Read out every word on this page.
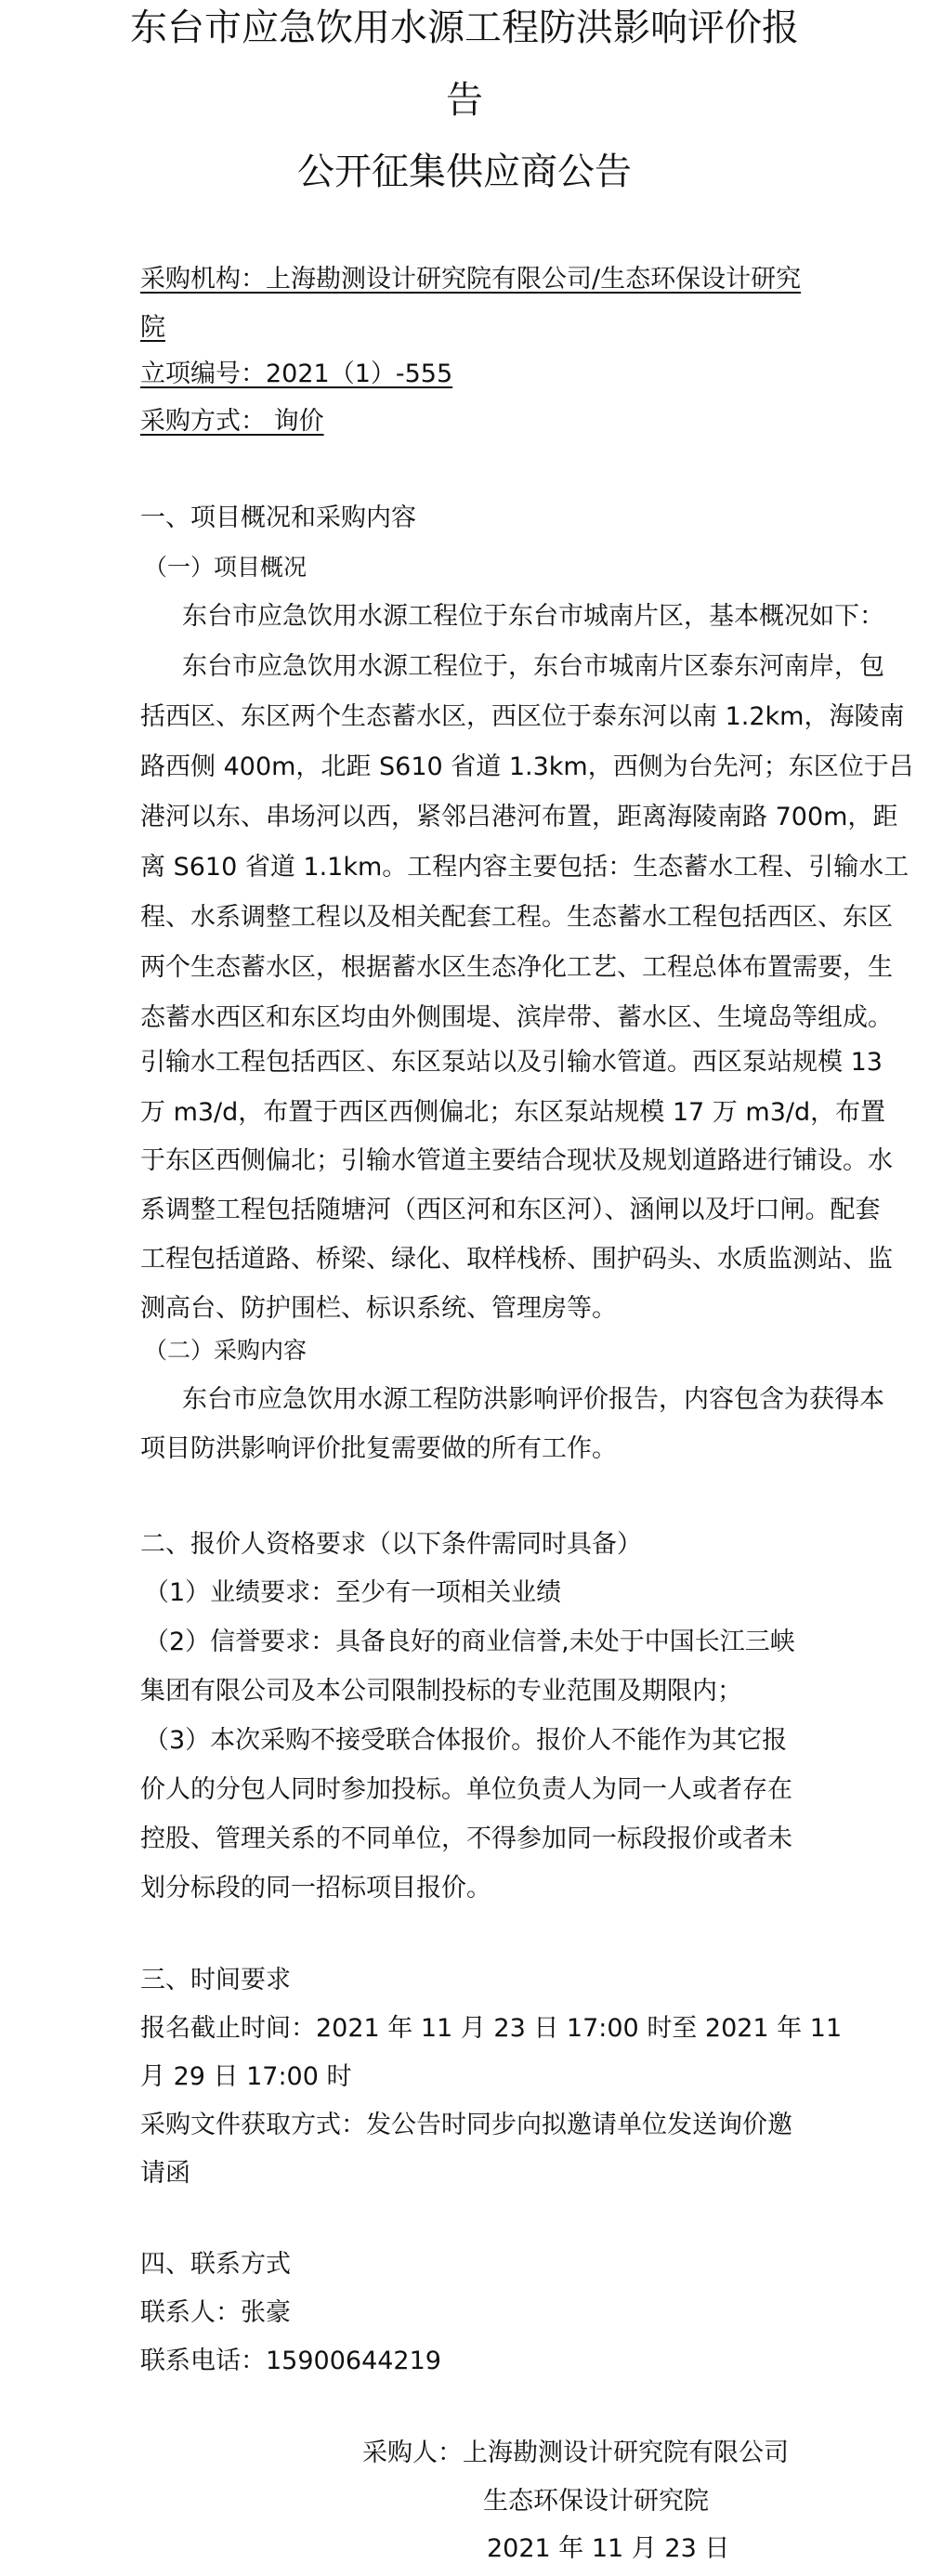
东台市应急饮用水源工程防洪影响评价报
告
公开征集供应商公告
采购机构：上海勘测设计研究院有限公司/生态环保设计研究
院
立项编号：2021（1）-555
采购方式： 询价
一、项目概况和采购内容
（一）项目概况
东台市应急饮用水源工程位于东台市城南片区，基本概况如下：
东台市应急饮用水源工程位于，东台市城南片区泰东河南岸，包
括西区、东区两个生态蓄水区，西区位于泰东河以南 1.2km，海陵南
路西侧 400m，北距 S610 省道 1.3km，西侧为台先河；东区位于吕
港河以东、串场河以西，紧邻吕港河布置，距离海陵南路 700m，距
离 S610 省道 1.1km。工程内容主要包括：生态蓄水工程、引输水工
程、水系调整工程以及相关配套工程。生态蓄水工程包括西区、东区
两个生态蓄水区，根据蓄水区生态净化工艺、工程总体布置需要，生
态蓄水西区和东区均由外侧围堤、滨岸带、蓄水区、生境岛等组成。
引输水工程包括西区、东区泵站以及引输水管道。西区泵站规模 13
万 m3/d，布置于西区西侧偏北；东区泵站规模 17 万 m3/d，布置
于东区西侧偏北；引输水管道主要结合现状及规划道路进行铺设。水
系调整工程包括随塘河（西区河和东区河）、涵闸以及圩口闸。配套
工程包括道路、桥梁、绿化、取样栈桥、围护码头、水质监测站、监
测高台、防护围栏、标识系统、管理房等。
（二）采购内容
东台市应急饮用水源工程防洪影响评价报告，内容包含为获得本
项目防洪影响评价批复需要做的所有工作。
二、报价人资格要求（以下条件需同时具备）
（1）业绩要求：至少有一项相关业绩
（2）信誉要求：具备良好的商业信誉,未处于中国长江三峡
集团有限公司及本公司限制投标的专业范围及期限内；
（3）本次采购不接受联合体报价。报价人不能作为其它报
价人的分包人同时参加投标。单位负责人为同一人或者存在
控股、管理关系的不同单位，不得参加同一标段报价或者未
划分标段的同一招标项目报价。
三、时间要求
报名截止时间：2021 年 11 月 23 日 17:00 时至 2021 年 11
月 29 日 17:00 时
采购文件获取方式：发公告时同步向拟邀请单位发送询价邀
请函
四、联系方式
联系人：张豪
联系电话：15900644219
采购人：上海勘测设计研究院有限公司
生态环保设计研究院
2021 年 11 月 23 日
